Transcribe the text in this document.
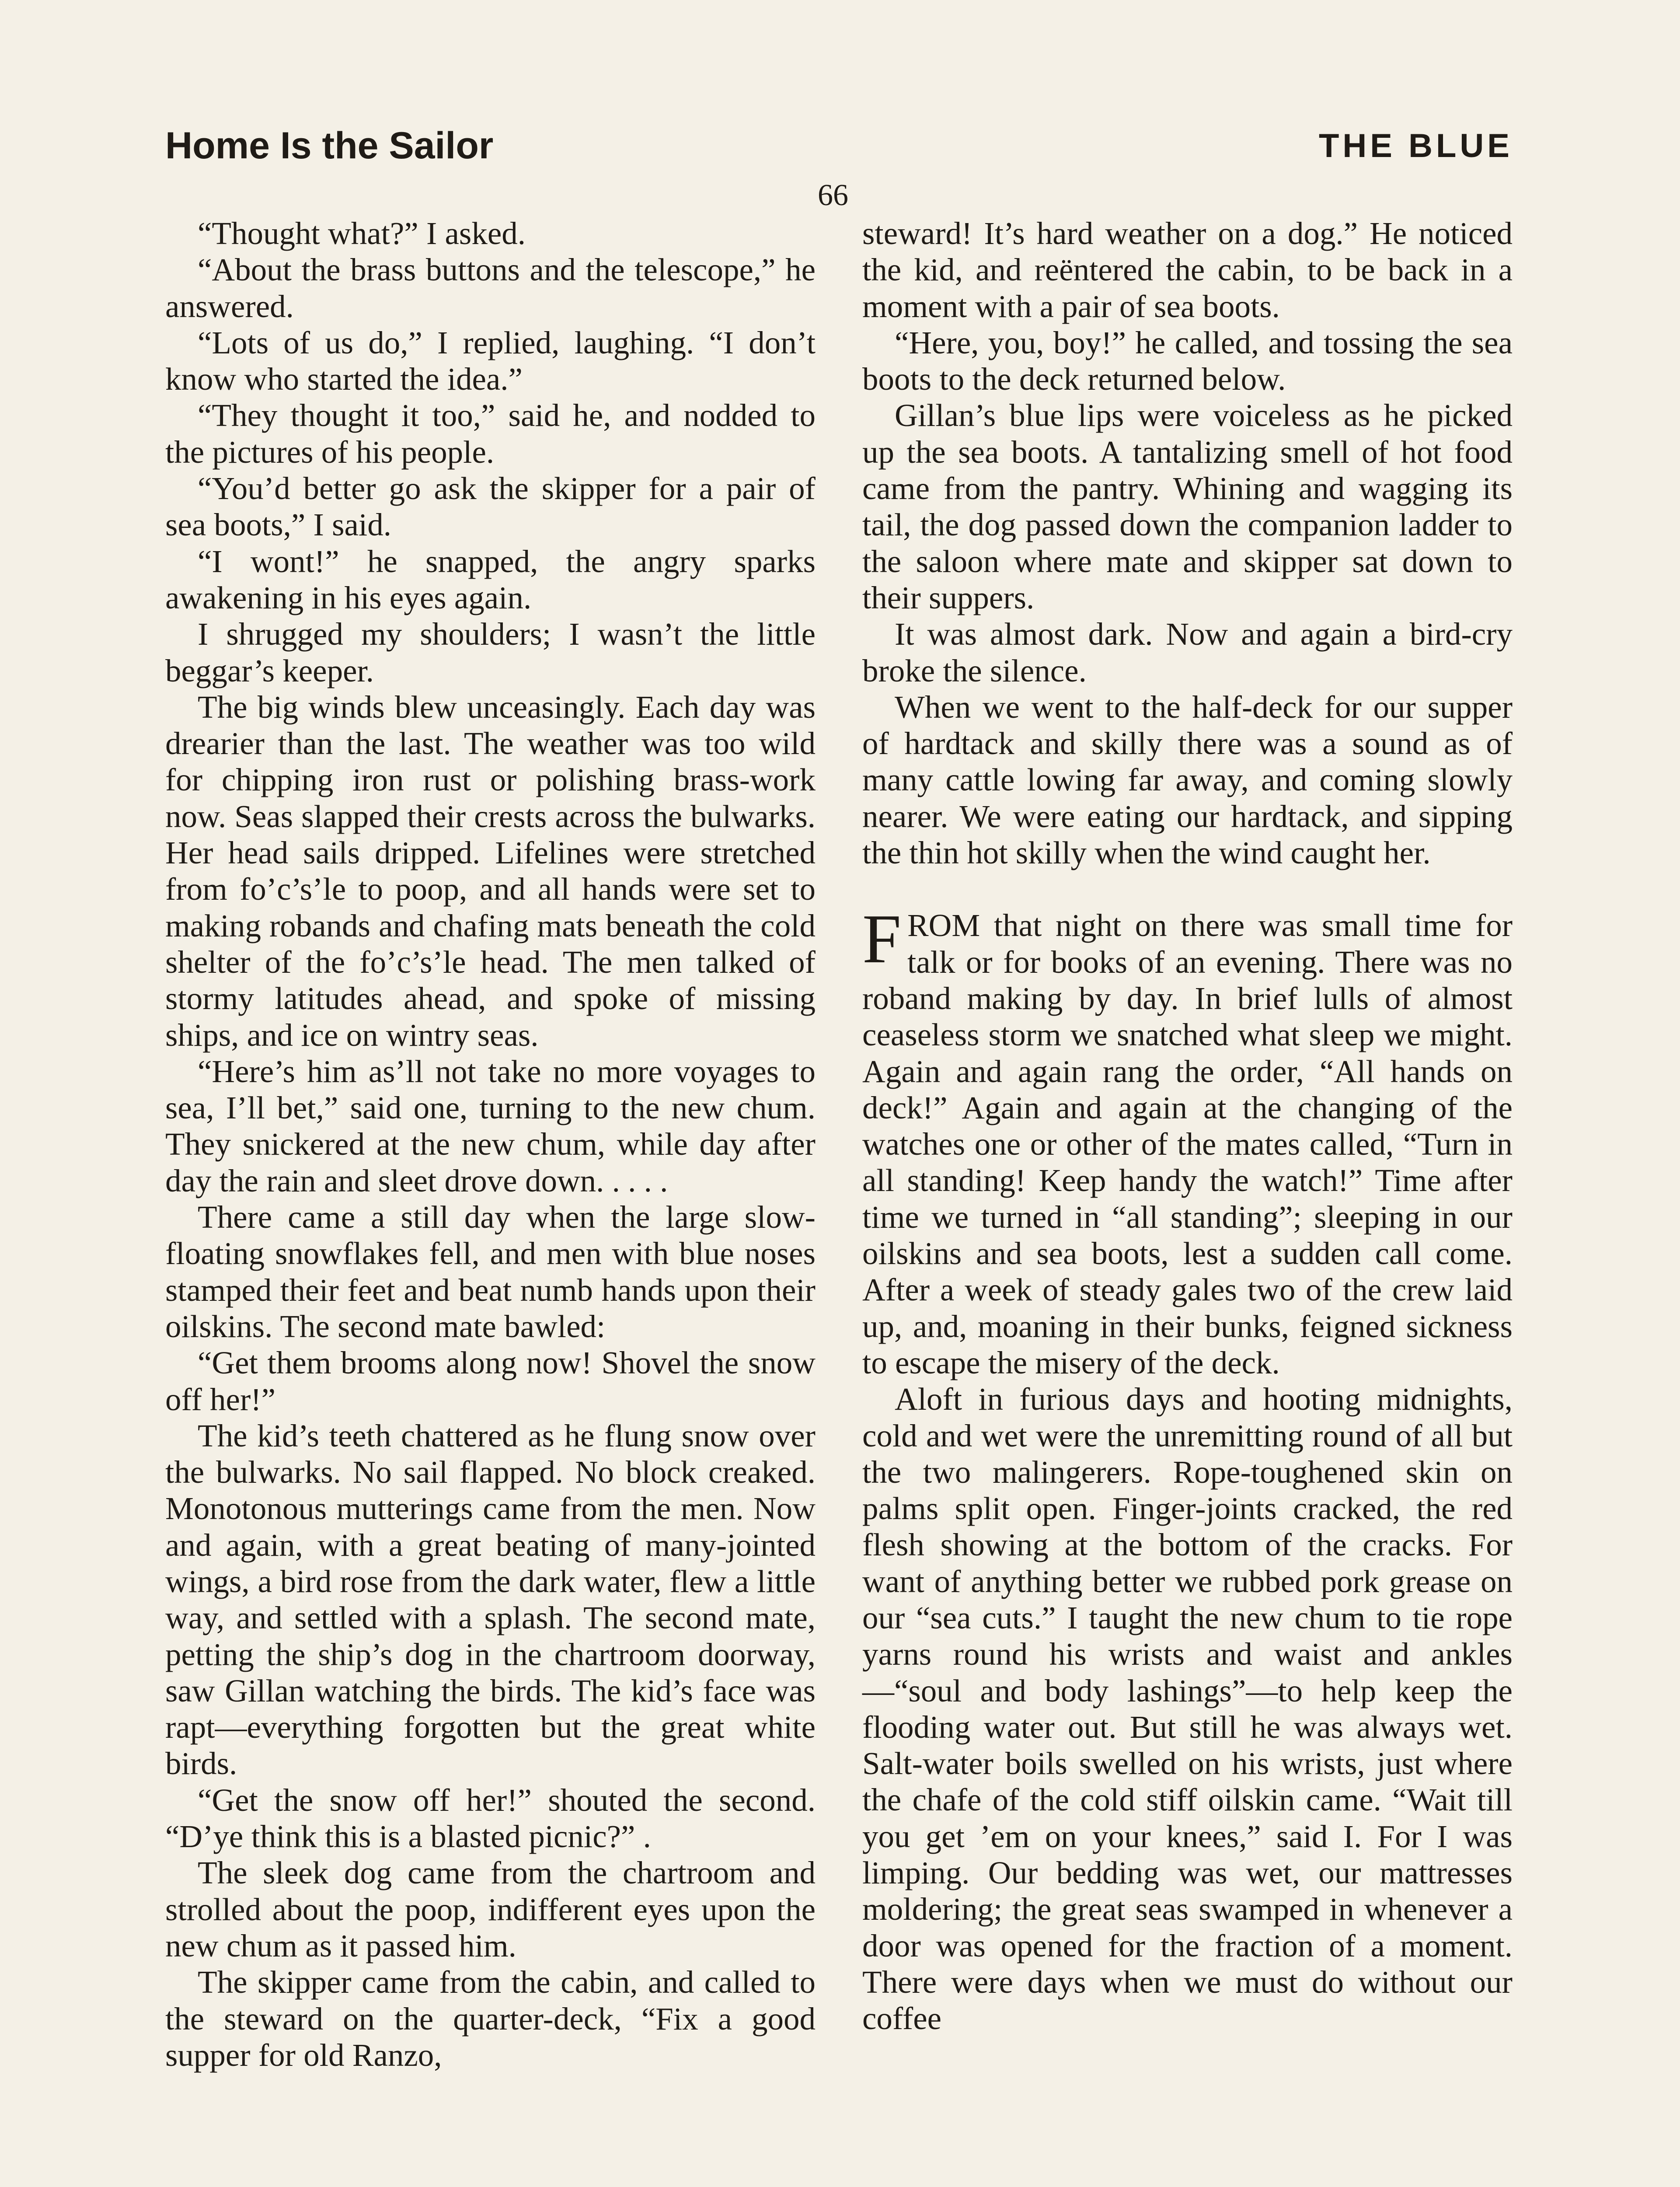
Home Is the Sailor	THE BLUE
66

“Thought what?” I asked.

“About the brass buttons and the telescope,” he answered.

“Lots of us do,” I replied, laughing. “I don’t know who started the idea.”

“They thought it too,” said he, and nodded to the pictures of his people.

“You’d better go ask the skipper for a pair of sea boots,” I said.

“I wont!” he snapped, the angry sparks awakening in his eyes again.

I shrugged my shoulders; I wasn’t the little beggar’s keeper.

The big winds blew unceasingly. Each day was drearier than the last. The weather was too wild for chipping iron rust or polishing brass-work now. Seas slapped their crests across the bulwarks. Her head sails dripped. Lifelines were stretched from fo’c’s’le to poop, and all hands were set to making robands and chafing mats beneath the cold shelter of the fo’c’s’le head. The men talked of stormy latitudes ahead, and spoke of missing ships, and ice on wintry seas.

“Here’s him as’ll not take no more voyages to sea, I’ll bet,” said one, turning to the new chum. They snickered at the new chum, while day after day the rain and sleet drove down. . . . .

There came a still day when the large slow-floating snowflakes fell, and men with blue noses stamped their feet and beat numb hands upon their oilskins. The second mate bawled:

“Get them brooms along now! Shovel the snow off her!”

The kid’s teeth chattered as he flung snow over the bulwarks. No sail flapped. No block creaked. Monotonous mutterings came from the men. Now and again, with a great beating of many-jointed wings, a bird rose from the dark water, flew a little way, and settled with a splash. The second mate, petting the ship’s dog in the chartroom doorway, saw Gillan watching the birds. The kid’s face was rapt—everything forgotten but the great white birds.

“Get the snow off her!” shouted the second. “D’ye think this is a blasted picnic?” .

The sleek dog came from the chartroom and strolled about the poop, indifferent eyes upon the new chum as it passed him.

The skipper came from the cabin, and called to the steward on the quarter-deck, “Fix a good supper for old Ranzo,

steward! It’s hard weather on a dog.” He noticed the kid, and reëntered the cabin, to be back in a moment with a pair of sea boots.

“Here, you, boy!” he called, and tossing the sea boots to the deck returned below.

Gillan’s blue lips were voiceless as he picked up the sea boots. A tantalizing smell of hot food came from the pantry. Whining and wagging its tail, the dog passed down the companion ladder to the saloon where mate and skipper sat down to their suppers.

It was almost dark. Now and again a bird-cry broke the silence.

When we went to the half-deck for our supper of hardtack and skilly there was a sound as of many cattle lowing far away, and coming slowly nearer. We were eating our hardtack, and sipping the thin hot skilly when the wind caught her.

FROM that night on there was small time for talk or for books of an evening. There was no roband making by day. In brief lulls of almost ceaseless storm we snatched what sleep we might. Again and again rang the order, “All hands on deck!” Again and again at the changing of the watches one or other of the mates called, “Turn in all standing! Keep handy the watch!” Time after time we turned in “all standing”; sleeping in our oilskins and sea boots, lest a sudden call come. After a week of steady gales two of the crew laid up, and, moaning in their bunks, feigned sickness to escape the misery of the deck.

Aloft in furious days and hooting midnights, cold and wet were the unremitting round of all but the two malingerers. Rope-toughened skin on palms split open. Finger-joints cracked, the red flesh showing at the bottom of the cracks. For want of anything better we rubbed pork grease on our “sea cuts.” I taught the new chum to tie rope yarns round his wrists and waist and ankles—“soul and body lashings”—to help keep the flooding water out. But still he was always wet. Salt-water boils swelled on his wrists, just where the chafe of the cold stiff oilskin came. “Wait till you get ’em on your knees,” said I. For I was limping. Our bedding was wet, our mattresses moldering; the great seas swamped in whenever a door was opened for the fraction of a moment. There were days when we must do without our coffee
